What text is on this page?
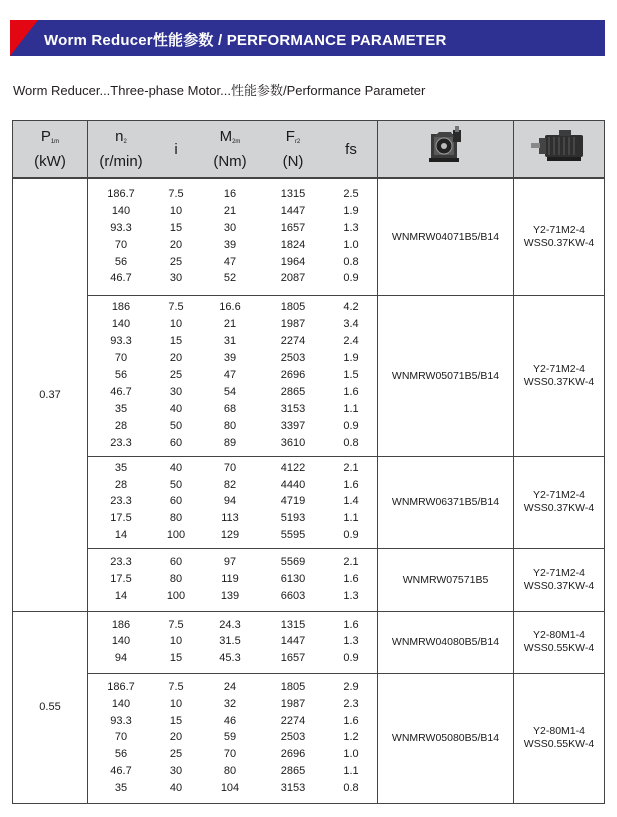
Worm Reducer性能参数 / PERFORMANCE PARAMETER
Worm Reducer...Three-phase Motor...性能参数/Performance Parameter
P1m
(kW)

n2
(r/min)
	i	
M2m
(Nm)

Fr2
(N)
	fs

0.37	
186.7	7.5	16	1315	2.5
140	10	21	1447	1.9
93.3	15	30	1657	1.3
70	20	39	1824	1.0
56	25	47	1964	0.8
46.7	30	52	2087	0.9
	WNMRW04071B5/B14	
Y2-71M2-4
WSS0.37KW-4

186	7.5	16.6	1805	4.2
140	10	21	1987	3.4
93.3	15	31	2274	2.4
70	20	39	2503	1.9
56	25	47	2696	1.5
46.7	30	54	2865	1.6
35	40	68	3153	1.1
28	50	80	3397	0.9
23.3	60	89	3610	0.8
	WNMRW05071B5/B14	
Y2-71M2-4
WSS0.37KW-4

35	40	70	4122	2.1
28	50	82	4440	1.6
23.3	60	94	4719	1.4
17.5	80	113	5193	1.1
14	100	129	5595	0.9
	WNMRW06371B5/B14	
Y2-71M2-4
WSS0.37KW-4

23.3	60	97	5569	2.1
17.5	80	119	6130	1.6
14	100	139	6603	1.3
	WNMRW07571B5	
Y2-71M2-4
WSS0.37KW-4

0.55	
186	7.5	24.3	1315	1.6
140	10	31.5	1447	1.3
94	15	45.3	1657	0.9
	WNMRW04080B5/B14	
Y2-80M1-4
WSS0.55KW-4

186.7	7.5	24	1805	2.9
140	10	32	1987	2.3
93.3	15	46	2274	1.6
70	20	59	2503	1.2
56	25	70	2696	1.0
46.7	30	80	2865	1.1
35	40	104	3153	0.8
	WNMRW05080B5/B14	
Y2-80M1-4
WSS0.55KW-4
